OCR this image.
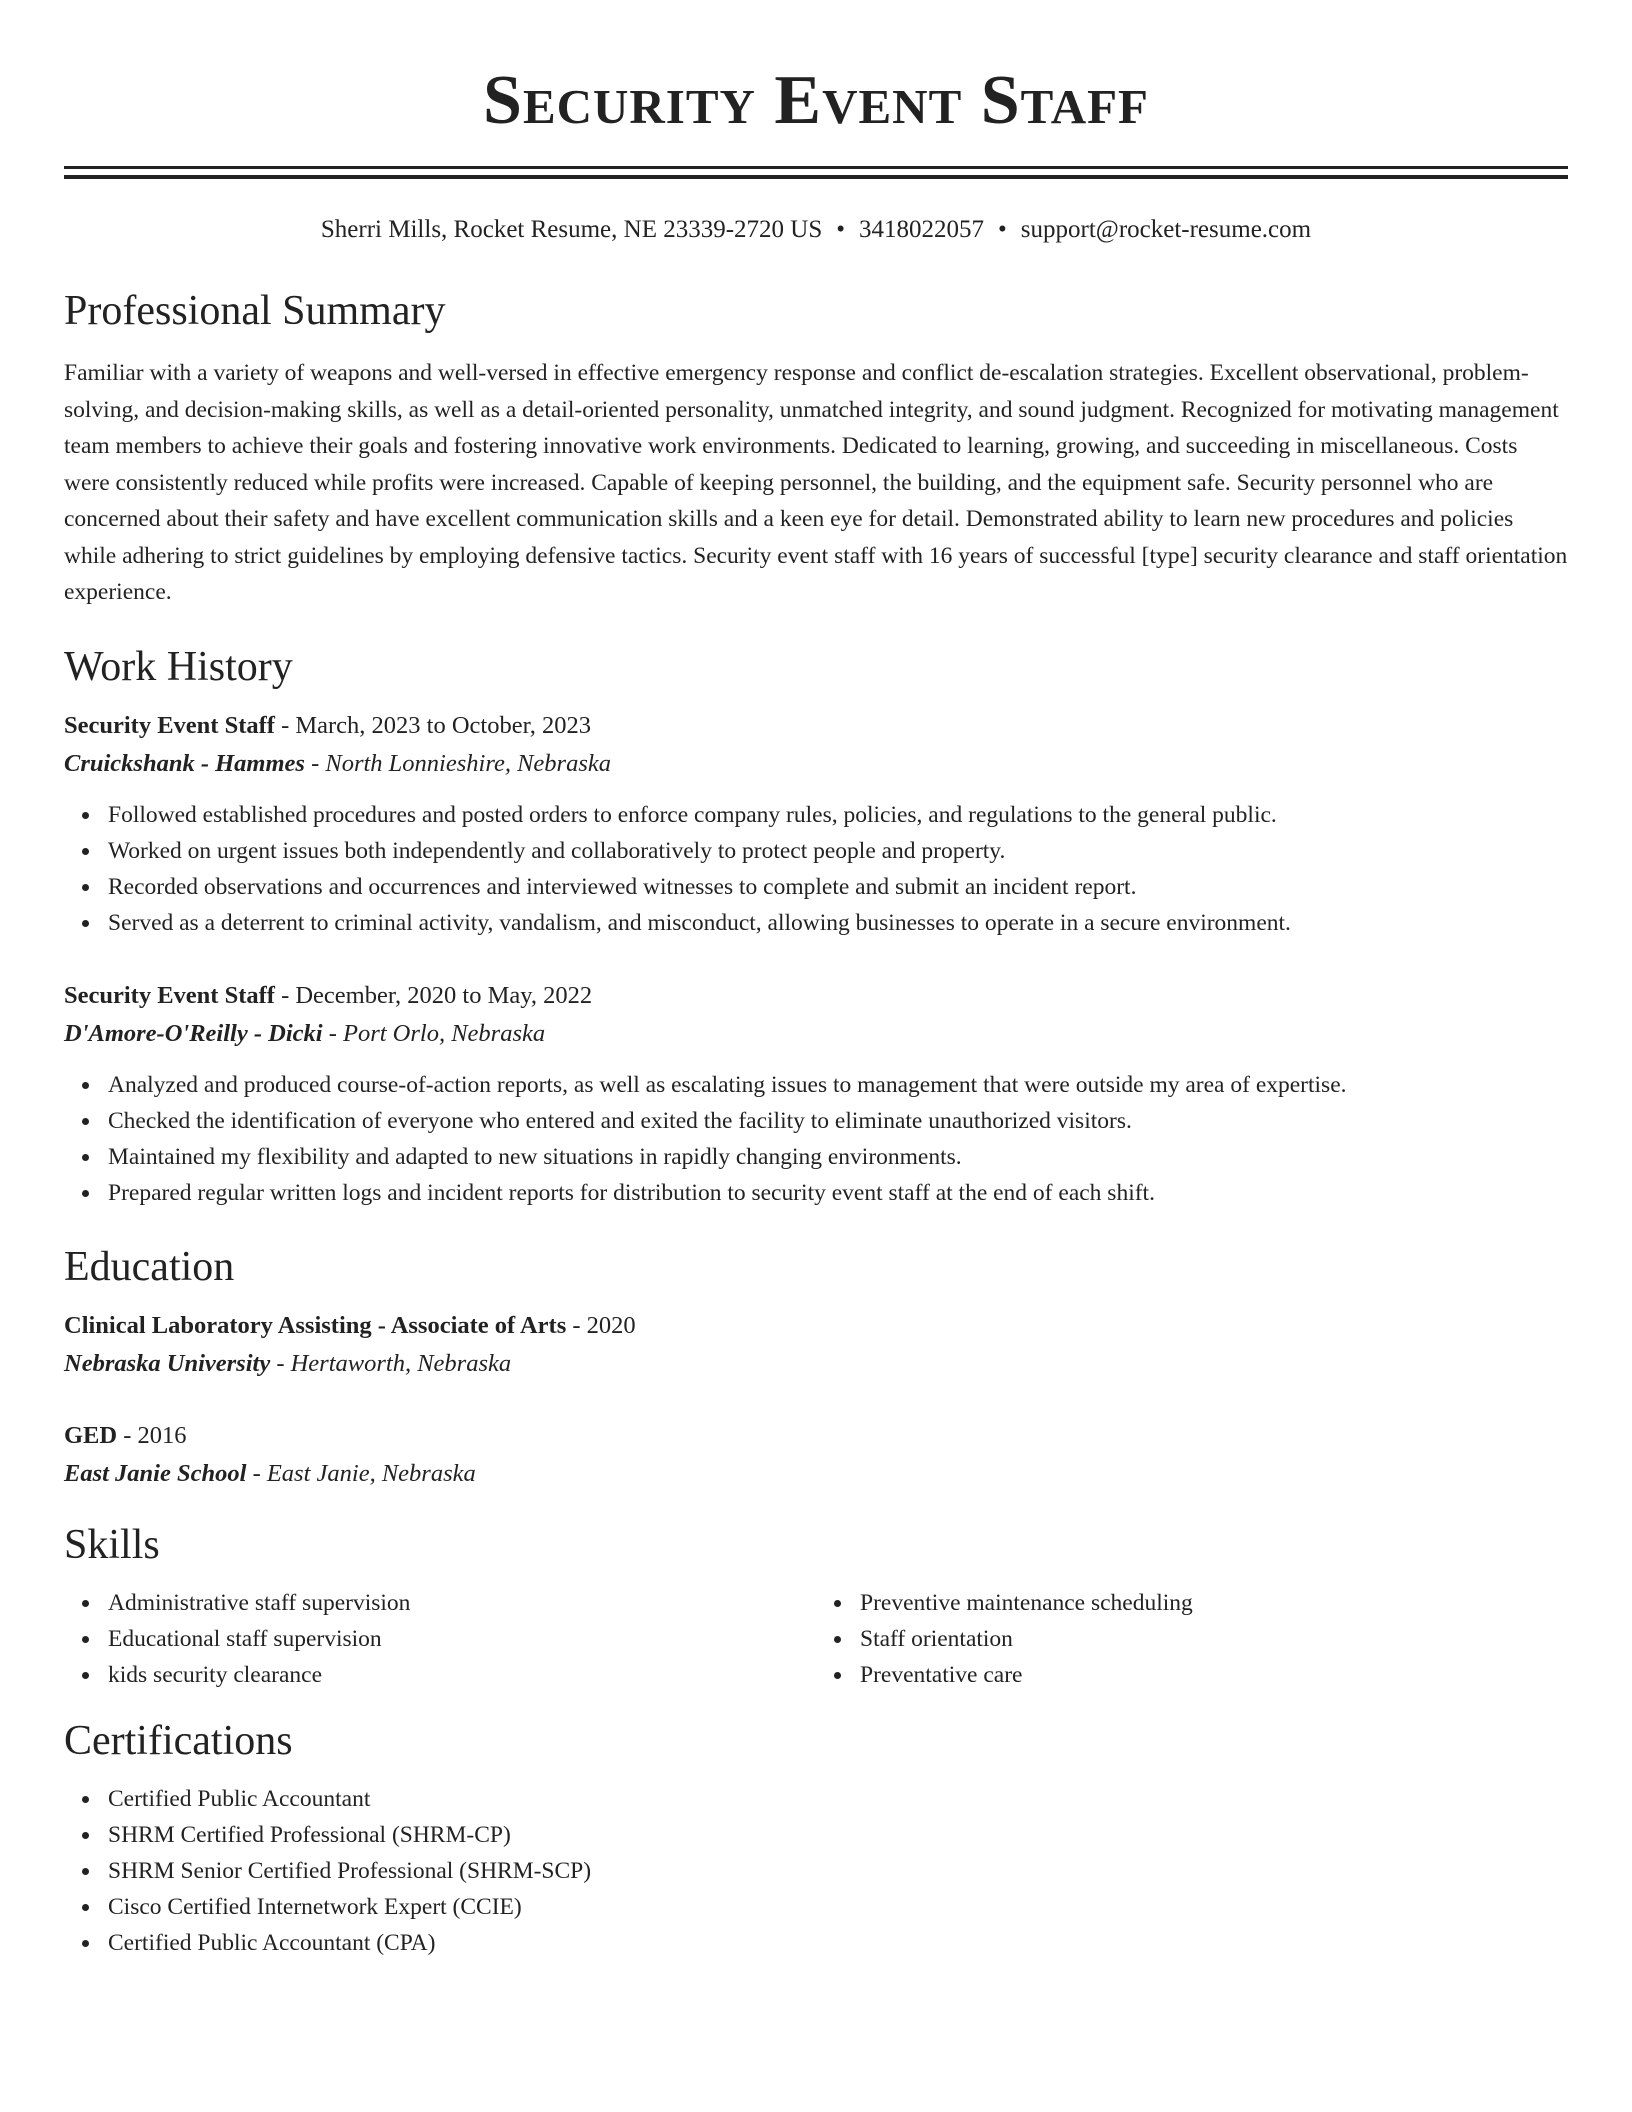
Security Event Staff
Sherri Mills, Rocket Resume, NE 23339-2720 US • 3418022057 • support@rocket-resume.com
Professional Summary

Familiar with a variety of weapons and well-versed in effective emergency response and conflict de-escalation strategies. Excellent observational, problem-solving, and decision-making skills, as well as a detail-oriented personality, unmatched integrity, and sound judgment. Recognized for motivating management team members to achieve their goals and fostering innovative work environments. Dedicated to learning, growing, and succeeding in miscellaneous. Costs were consistently reduced while profits were increased. Capable of keeping personnel, the building, and the equipment safe. Security personnel who are concerned about their safety and have excellent communication skills and a keen eye for detail. Demonstrated ability to learn new procedures and policies while adhering to strict guidelines by employing defensive tactics. Security event staff with 16 years of successful [type] security clearance and staff orientation experience.

Work History
Security Event Staff - March, 2023 to October, 2023
Cruickshank - Hammes - North Lonnieshire, Nebraska
Followed established procedures and posted orders to enforce company rules, policies, and regulations to the general public.
Worked on urgent issues both independently and collaboratively to protect people and property.
Recorded observations and occurrences and interviewed witnesses to complete and submit an incident report.
Served as a deterrent to criminal activity, vandalism, and misconduct, allowing businesses to operate in a secure environment.
Security Event Staff - December, 2020 to May, 2022
D'Amore-O'Reilly - Dicki - Port Orlo, Nebraska
Analyzed and produced course-of-action reports, as well as escalating issues to management that were outside my area of expertise.
Checked the identification of everyone who entered and exited the facility to eliminate unauthorized visitors.
Maintained my flexibility and adapted to new situations in rapidly changing environments.
Prepared regular written logs and incident reports for distribution to security event staff at the end of each shift.
Education
Clinical Laboratory Assisting - Associate of Arts - 2020
Nebraska University - Hertaworth, Nebraska
GED - 2016
East Janie School - East Janie, Nebraska
Skills
Administrative staff supervision
Educational staff supervision
kids security clearance
Preventive maintenance scheduling
Staff orientation
Preventative care
Certifications
Certified Public Accountant
SHRM Certified Professional (SHRM-CP)
SHRM Senior Certified Professional (SHRM-SCP)
Cisco Certified Internetwork Expert (CCIE)
Certified Public Accountant (CPA)
